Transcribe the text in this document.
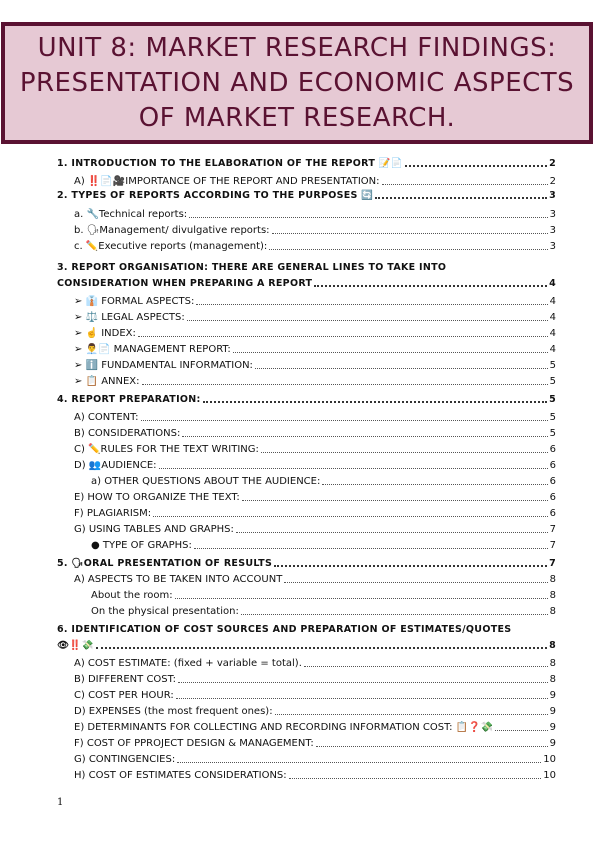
UNIT 8: MARKET RESEARCH FINDINGS:
PRESENTATION AND ECONOMIC ASPECTS
OF MARKET RESEARCH.
1. INTRODUCTION TO THE ELABORATION OF THE REPORT 📝📄	2
A) ‼️📄🎥IMPORTANCE OF THE REPORT AND PRESENTATION:	2
2. TYPES OF REPORTS ACCORDING TO THE PURPOSES 🔄	3
a. 🔧Technical reports:	3
b. 🗣Management/ divulgative reports:	3
c. ✏️Executive reports (management):	3
3. REPORT ORGANISATION: THERE ARE GENERAL LINES TO TAKE INTO
CONSIDERATION WHEN PREPARING A REPORT	4
➢ 👔 FORMAL ASPECTS:	4
➢ ⚖️ LEGAL ASPECTS:	4
➢ ☝️ INDEX:	4
➢ 👨‍💼📄 MANAGEMENT REPORT:	4
➢ ℹ️ FUNDAMENTAL INFORMATION:	5
➢ 📋 ANNEX:	5
4. REPORT PREPARATION:	5
A) CONTENT:	5
B) CONSIDERATIONS:	5
C) ✏️RULES FOR THE TEXT WRITING:	6
D) 👥AUDIENCE:	6
a) OTHER QUESTIONS ABOUT THE AUDIENCE:	6
E) HOW TO ORGANIZE THE TEXT:	6
F) PLAGIARISM:	6
G) USING TABLES AND GRAPHS:	7
● TYPE OF GRAPHS:	7
5. 🗣ORAL PRESENTATION OF RESULTS	7
A) ASPECTS TO BE TAKEN INTO ACCOUNT	8
About the room:	8
On the physical presentation:	8
6. IDENTIFICATION OF COST SOURCES AND PREPARATION OF ESTIMATES/QUOTES
👁‼️💸	8
A) COST ESTIMATE: (fixed + variable = total).	8
B) DIFFERENT COST:	8
C) COST PER HOUR:	9
D) EXPENSES (the most frequent ones):	9
E) DETERMINANTS FOR COLLECTING AND RECORDING INFORMATION COST: 📋❓💸	9
F) COST OF PPROJECT DESIGN & MANAGEMENT:	9
G) CONTINGENCIES:	10
H) COST OF ESTIMATES CONSIDERATIONS:	10
1
